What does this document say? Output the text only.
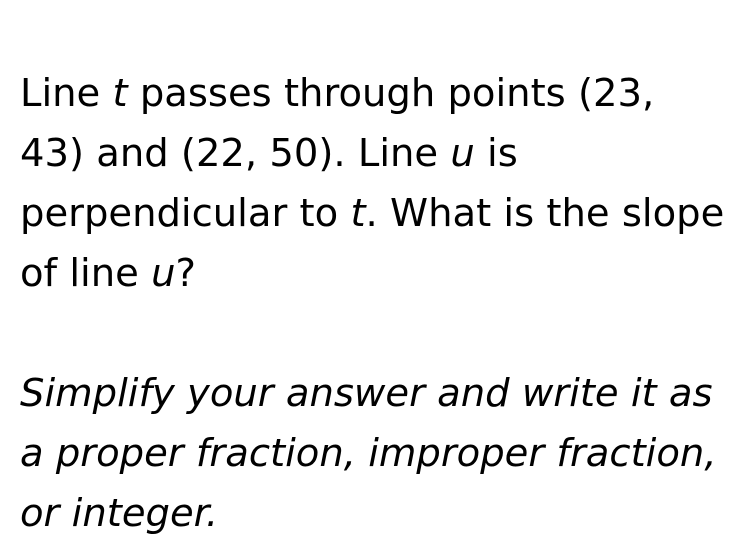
Line t passes through points (23,
43) and (22, 50). Line u is
perpendicular to t. What is the slope
of line u?
Simplify your answer and write it as
a proper fraction, improper fraction,
or integer.
